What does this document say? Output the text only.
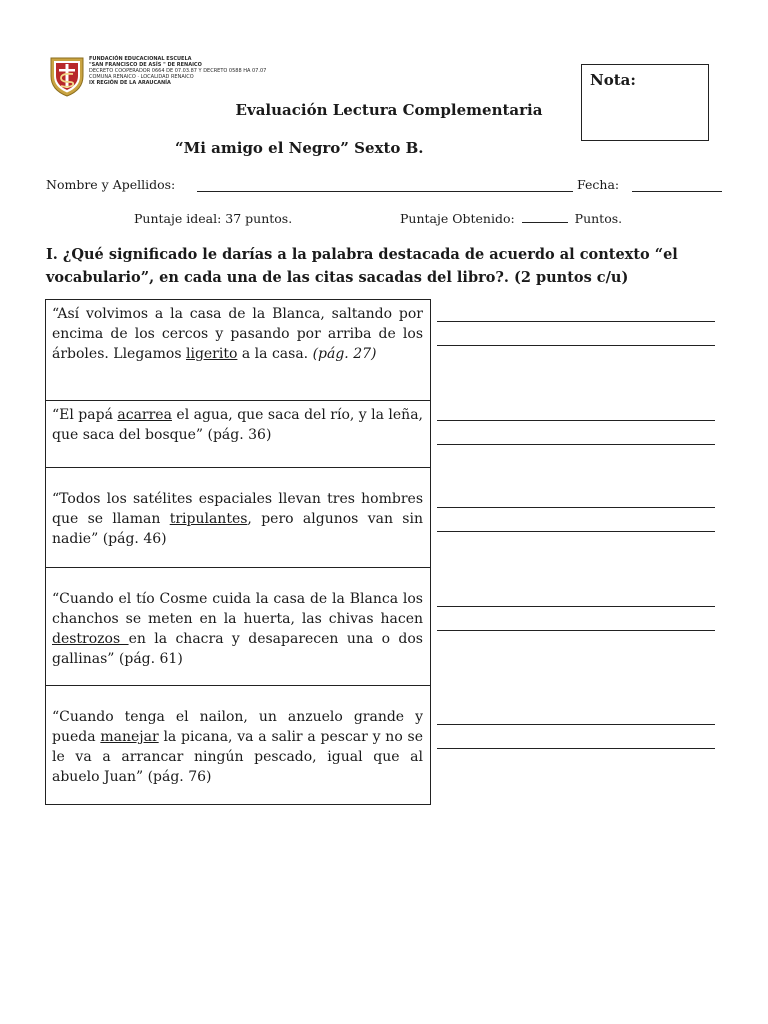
FUNDACIÓN EDUCACIONAL ESCUELA
"SAN FRANCISCO DE ASÍS " DE RENAICO
DECRETO COOPERADOR 0664 DE 07.03.87 Y DECRETO 0588 HA 07.07
COMUNA RENAICO · LOCALIDAD RENAICO
IX REGIÓN DE LA ARAUCANÍA	Nota:
Evaluación Lectura Complementaria
“Mi amigo el Negro” Sexto B.
Nombre y Apellidos:	Fecha:
Puntaje ideal: 37 puntos.	Puntaje Obtenido:	Puntos.
I. ¿Qué significado le darías a la palabra destacada de acuerdo al contexto “el vocabulario”, en cada una de las citas sacadas del libro?. (2 puntos c/u)
“Así volvimos a la casa de la Blanca, saltando por encima de los cercos y pasando por arriba de los árboles. Llegamos ligerito a la casa. (pág. 27)
“El papá acarrea el agua, que saca del río, y la leña, que saca del bosque” (pág. 36)
“Todos los satélites espaciales llevan tres hombres que se llaman tripulantes, pero algunos van sin nadie” (pág. 46)
“Cuando el tío Cosme cuida la casa de la Blanca los chanchos se meten en la huerta, las chivas hacen destrozos en la chacra y desaparecen una o dos gallinas” (pág. 61)
“Cuando tenga el nailon, un anzuelo grande y pueda manejar la picana, va a salir a pescar y no se le va a arrancar ningún pescado, igual que al abuelo Juan” (pág. 76)
